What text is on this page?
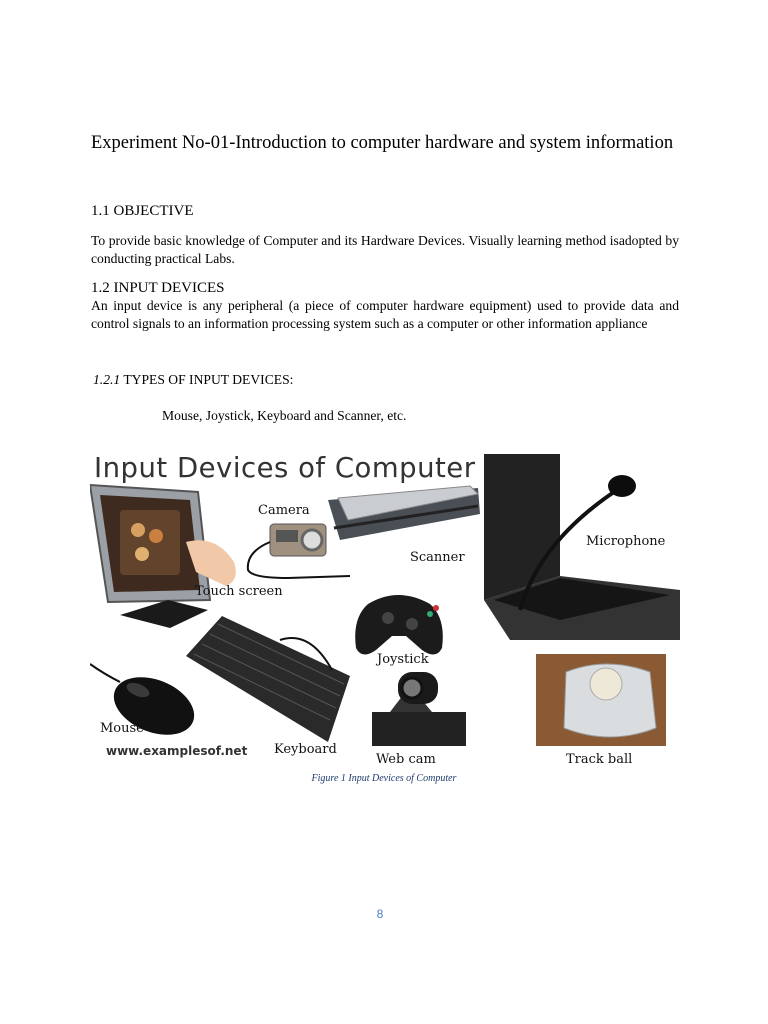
Experiment No-01-Introduction to computer hardware and system information
1.1 OBJECTIVE

To provide basic knowledge of Computer and its Hardware Devices. Visually learning method isadopted by conducting practical Labs.

1.2 INPUT DEVICES

An input device is any peripheral (a piece of computer hardware equipment) used to provide data and control signals to an information processing system such as a computer or other information appliance

1.2.1 TYPES OF INPUT DEVICES:

Mouse, Joystick, Keyboard and Scanner, etc.

Input Devices of Computer
Camera
Scanner
Microphone
Touch screen
Joystick
Mouse
Keyboard
Web cam	Track ball
www.examplesof.net
Figure 1 Input Devices of Computer
8
